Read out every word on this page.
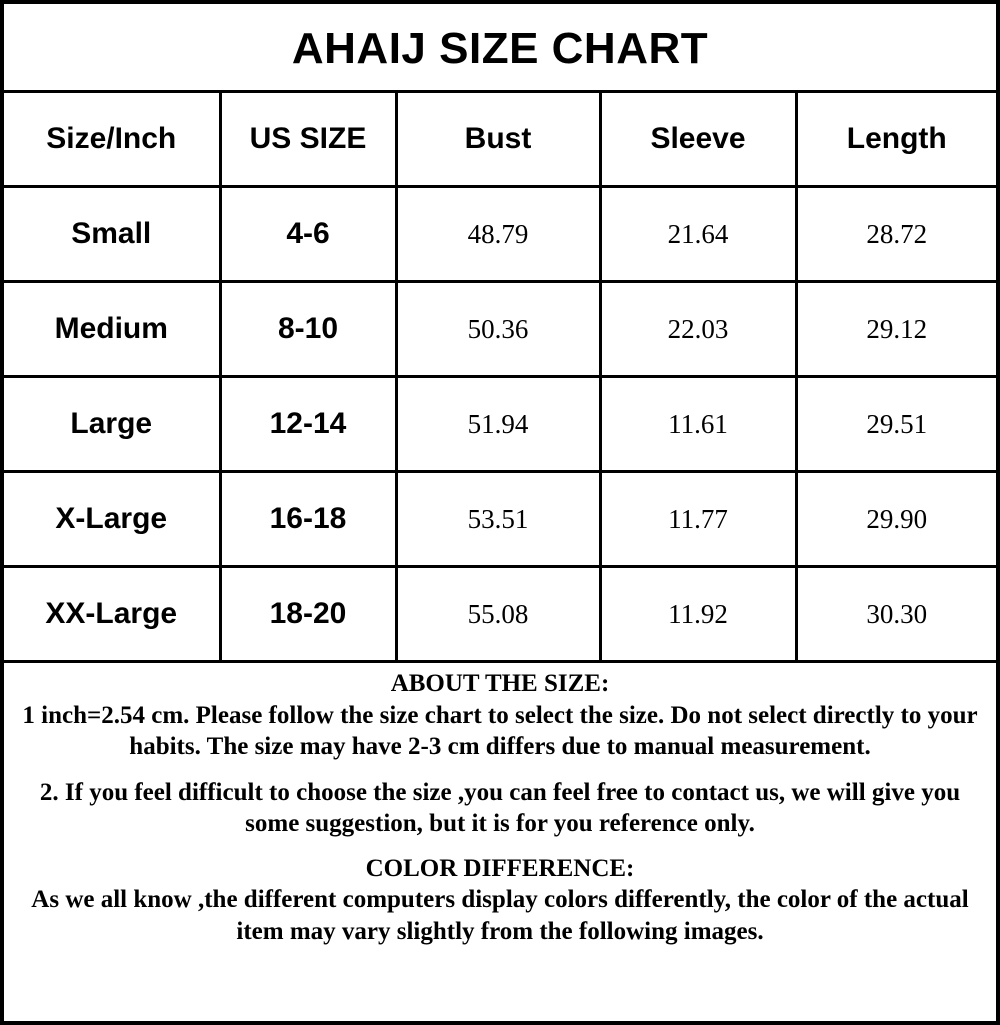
AHAIJ SIZE CHART
Size/Inch	US SIZE	Bust	Sleeve	Length
Small	4-6	48.79	21.64	28.72
Medium	8-10	50.36	22.03	29.12
Large	12-14	51.94	11.61	29.51
X-Large	16-18	53.51	11.77	29.90
XX-Large	18-20	55.08	11.92	30.30
ABOUT THE SIZE:
1 inch=2.54 cm. Please follow the size chart to select the size. Do not select directly to your habits. The size may have 2-3 cm differs due to manual measurement.
2. If you feel difficult to choose the size ,you can feel free to contact us, we will give you some suggestion, but it is for you reference only.
COLOR DIFFERENCE:
As we all know ,the different computers display colors differently, the color of the actual item may vary slightly from the following images.
